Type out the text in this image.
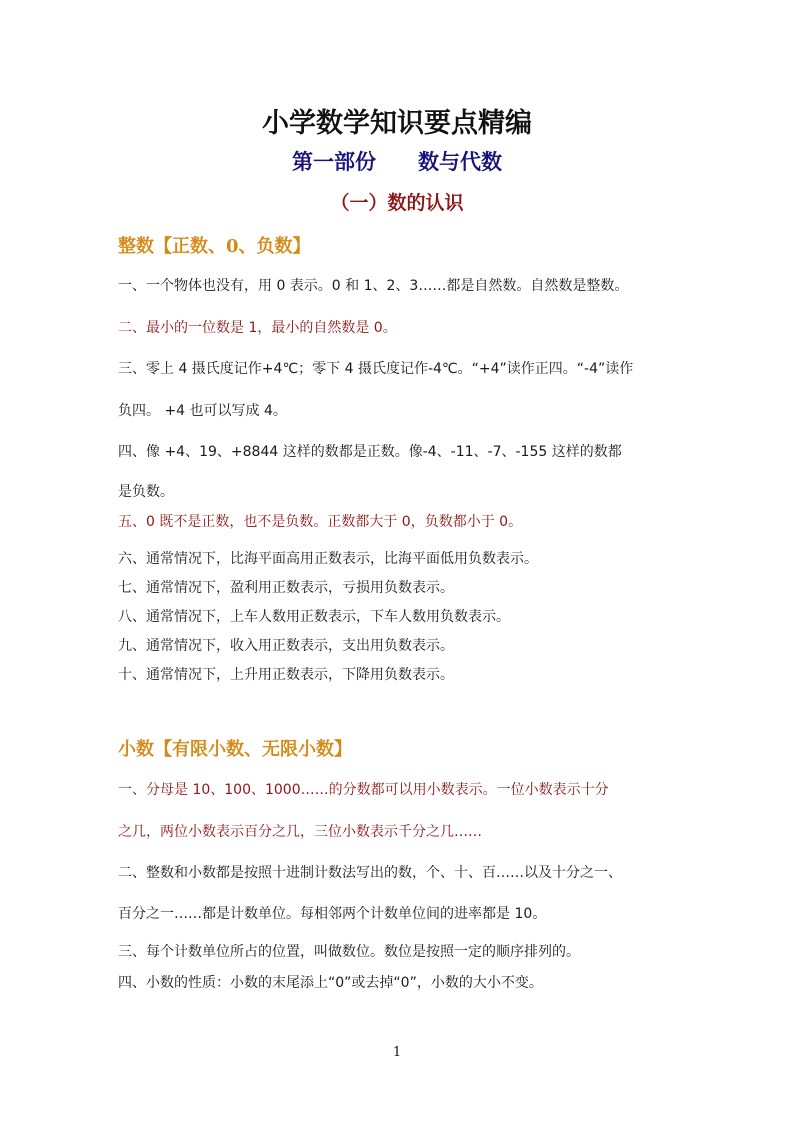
小学数学知识要点精编
第一部份 数与代数
（一）数的认识
整数【正数、0、负数】
一、一个物体也没有，用 0 表示。0 和 1、2、3……都是自然数。自然数是整数。
二、最小的一位数是 1，最小的自然数是 0。
三、零上 4 摄氏度记作+4℃；零下 4 摄氏度记作-4℃。“+4”读作正四。“-4”读作
负四。 +4 也可以写成 4。
四、像 +4、19、+8844 这样的数都是正数。像-4、-11、-7、-155 这样的数都
是负数。
五、0 既不是正数，也不是负数。正数都大于 0，负数都小于 0。
六、通常情况下，比海平面高用正数表示，比海平面低用负数表示。
七、通常情况下，盈利用正数表示，亏损用负数表示。
八、通常情况下，上车人数用正数表示，下车人数用负数表示。
九、通常情况下，收入用正数表示，支出用负数表示。
十、通常情况下，上升用正数表示，下降用负数表示。
小数【有限小数、无限小数】
一、分母是 10、100、1000……的分数都可以用小数表示。一位小数表示十分
之几，两位小数表示百分之几，三位小数表示千分之几……
二、整数和小数都是按照十进制计数法写出的数，个、十、百……以及十分之一、
百分之一……都是计数单位。每相邻两个计数单位间的进率都是 10。
三、每个计数单位所占的位置，叫做数位。数位是按照一定的顺序排列的。
四、小数的性质：小数的末尾添上“0”或去掉“0”，小数的大小不变。
1
